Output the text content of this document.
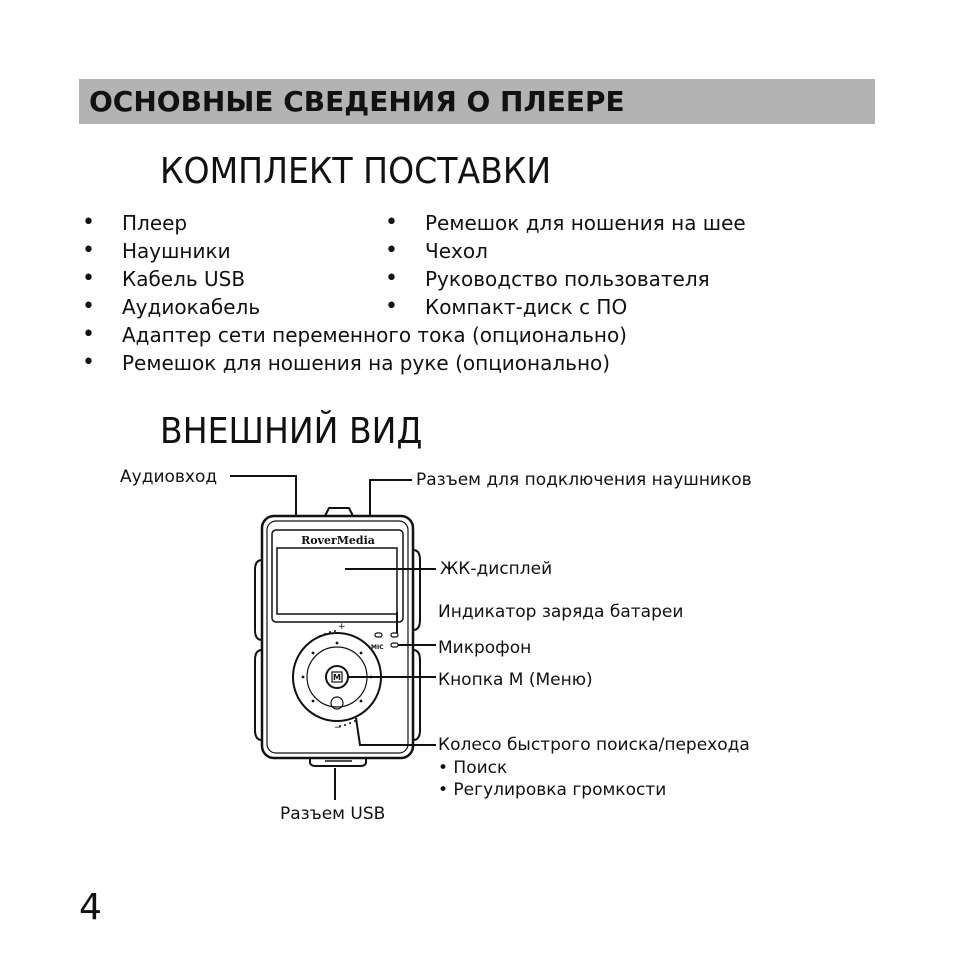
ОСНОВНЫЕ СВЕДЕНИЯ О ПЛЕЕРЕ
КОМПЛЕКТ ПОСТАВКИ
• Плеер
• Наушники
• Кабель USB
• Аудиокабель
• Ремешок для ношения на шее
• Чехол
• Руководство пользователя
• Компакт-диск с ПО
• Адаптер сети переменного тока (опционально)
• Ремешок для ношения на руке (опционально)
ВНЕШНИЙ ВИД
+
−
RoverMedia
MIC
M
Аудиовход	Разъем для подключения наушников
ЖК-дисплей
Индикатор заряда батареи
Микрофон
Кнопка M (Меню)
Колесо быстрого поиска/перехода
• Поиск
• Регулировка громкости
Разъем USB
4
